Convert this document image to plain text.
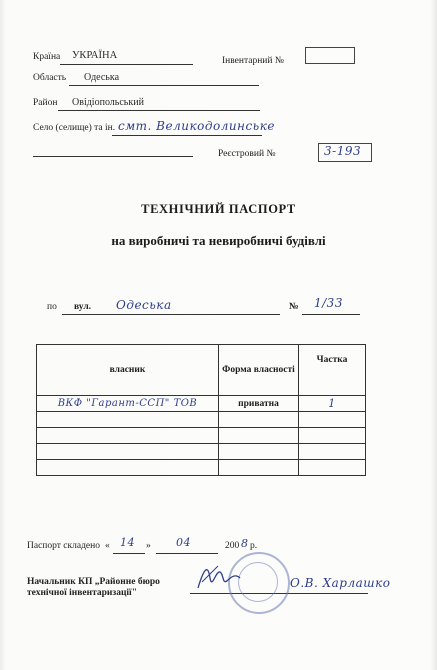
Країна УКРАЇНА	Інвентарний №
Область Одеська
Район Овідіопольський
Село (селище) та ін. смт. Великодолинське
Реєстровий №	3-193
ТЕХНІЧНИЙ ПАСПОРТ
на виробничі та невиробничі будівлі
по вул. Одеська	№ 1/33
власник	Форма власності	Частка
ВКФ "Гарант-ССП" ТОВ	приватна	1

Паспорт складено « 14 » 04	200 8 р.
Начальник КП „Районне бюро
технічної інвентаризації"
О.В. Харлашко
